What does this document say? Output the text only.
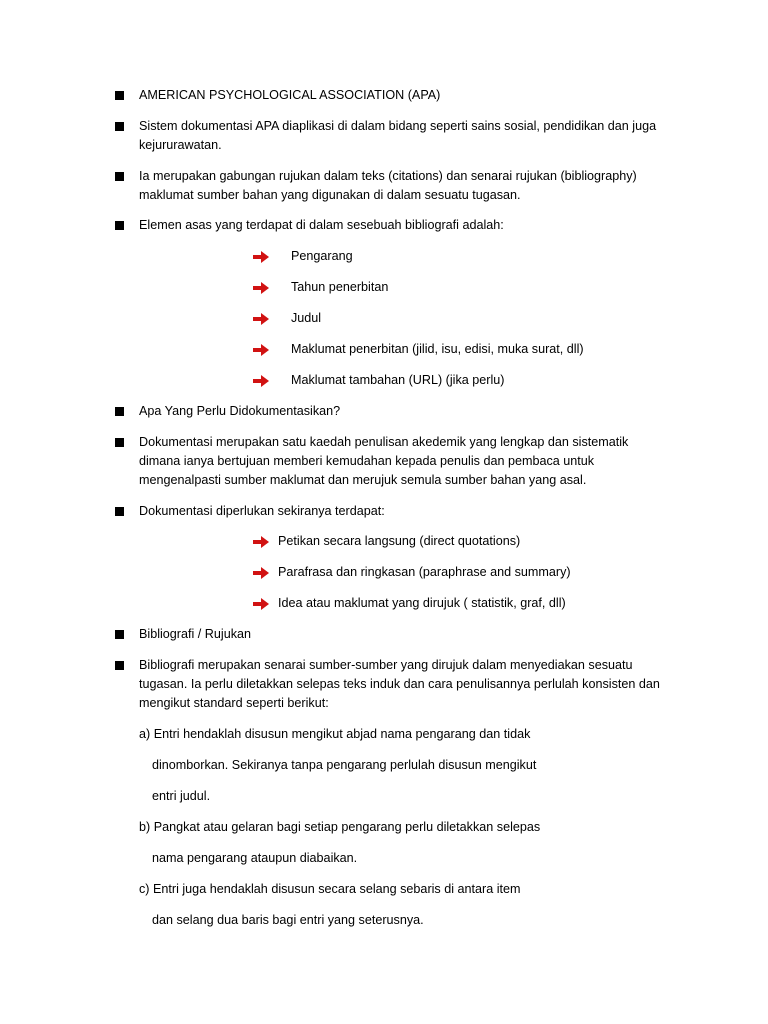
AMERICAN PSYCHOLOGICAL ASSOCIATION (APA)
Sistem dokumentasi APA diaplikasi di dalam bidang seperti sains sosial, pendidikan dan juga
kejururawatan.
Ia merupakan gabungan rujukan dalam teks (citations) dan senarai rujukan (bibliography)
maklumat sumber bahan yang digunakan di dalam sesuatu tugasan.
Elemen asas yang terdapat di dalam sesebuah bibliografi adalah:
Pengarang
Tahun penerbitan
Judul
Maklumat penerbitan (jilid, isu, edisi, muka surat, dll)
Maklumat tambahan (URL) (jika perlu)
Apa Yang Perlu Didokumentasikan?
Dokumentasi merupakan satu kaedah penulisan akedemik yang lengkap dan sistematik
dimana ianya bertujuan memberi kemudahan kepada penulis dan pembaca untuk
mengenalpasti sumber maklumat dan merujuk semula sumber bahan yang asal.
Dokumentasi diperlukan sekiranya terdapat:
Petikan secara langsung (direct quotations)
Parafrasa dan ringkasan (paraphrase and summary)
Idea atau maklumat yang dirujuk ( statistik, graf, dll)
Bibliografi / Rujukan
Bibliografi merupakan senarai sumber-sumber yang dirujuk dalam menyediakan sesuatu
tugasan. Ia perlu diletakkan selepas teks induk dan cara penulisannya perlulah konsisten dan
mengikut standard seperti berikut:
a) Entri hendaklah disusun mengikut abjad nama pengarang dan tidak
dinomborkan. Sekiranya tanpa pengarang perlulah disusun mengikut
entri judul.
b) Pangkat atau gelaran bagi setiap pengarang perlu diletakkan selepas
nama pengarang ataupun diabaikan.
c) Entri juga hendaklah disusun secara selang sebaris di antara item
dan selang dua baris bagi entri yang seterusnya.
